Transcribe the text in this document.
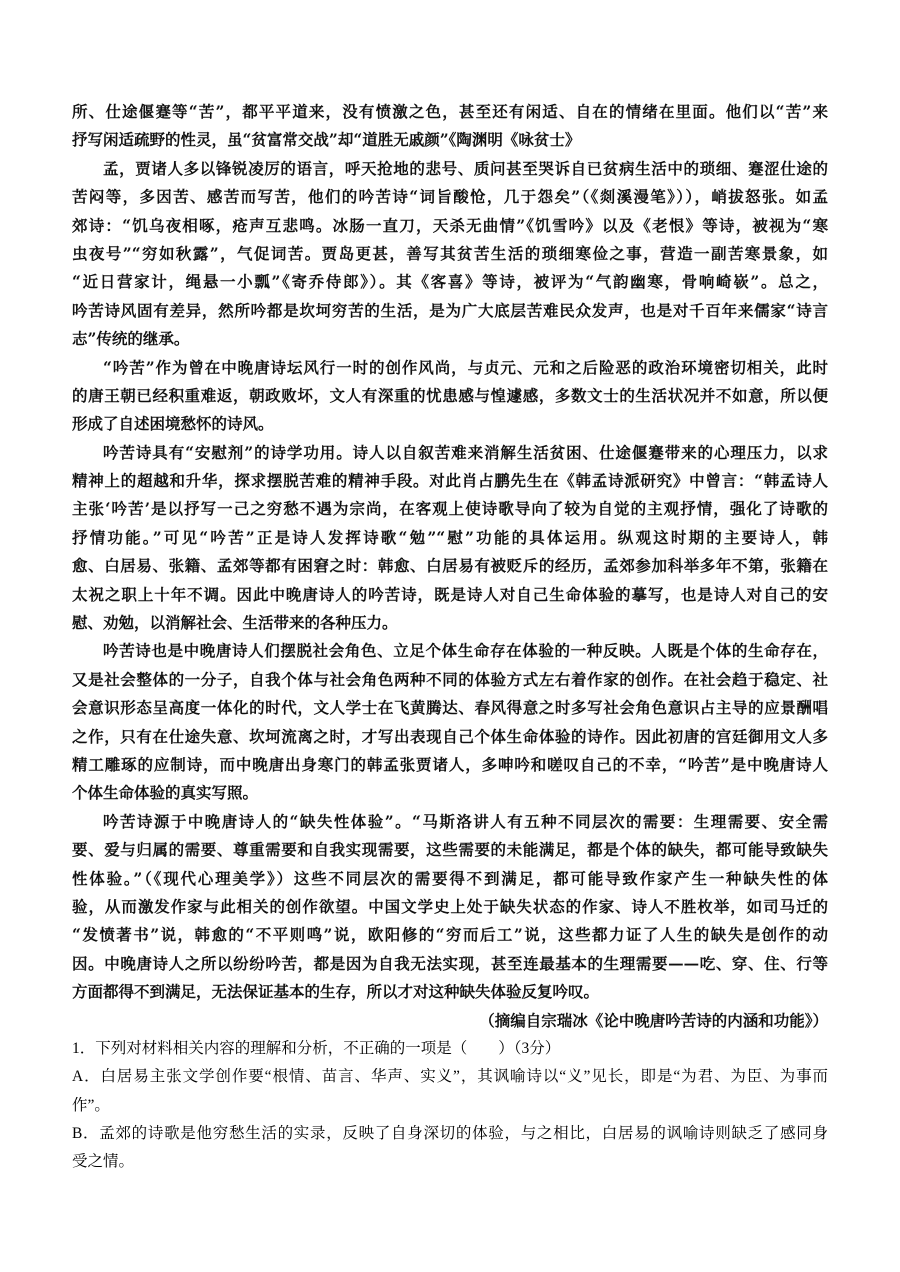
所、仕途偃蹇等“苦”，都平平道来，没有愤激之色，甚至还有闲适、自在的情绪在里面。他们以“苦”来
抒写闲适疏野的性灵，虽“贫富常交战”却“道胜无戚颜”《陶渊明《咏贫士》
孟，贾诸人多以锋锐凌厉的语言，呼天抢地的悲号、质问甚至哭诉自已贫病生活中的琐细、蹇涩仕途的
苦闷等，多因苦、感苦而写苦，他们的吟苦诗“词旨酸怆，几于怨矣”（《剡溪漫笔》）），峭拔怒张。如孟
郊诗：“饥乌夜相啄，疮声互悲鸣。冰肠一直刀，天杀无曲情”《饥雪吟》以及《老恨》等诗，被视为“寒
虫夜号”“穷如秋露”，气促词苦。贾岛更甚，善写其贫苦生活的琐细寒俭之事，营造一副苦寒景象，如
“近日营家计，绳悬一小瓢”《寄乔侍郎》）。其《客喜》等诗，被评为“气韵幽寒，骨响崎嵚”。总之，
吟苦诗风固有差异，然所吟都是坎坷穷苦的生活，是为广大底层苦难民众发声，也是对千百年来儒家“诗言
志”传统的继承。
“吟苦”作为曾在中晚唐诗坛风行一时的创作风尚，与贞元、元和之后险恶的政治环境密切相关，此时
的唐王朝已经积重难返，朝政败坏，文人有深重的忧患感与惶遽感，多数文士的生活状况并不如意，所以便
形成了自述困境愁怀的诗风。
吟苦诗具有“安慰剂”的诗学功用。诗人以自叙苦难来消解生活贫困、仕途偃蹇带来的心理压力，以求
精神上的超越和升华，探求摆脱苦难的精神手段。对此肖占鹏先生在《韩孟诗派研究》中曾言：“韩孟诗人
主张‘吟苦’是以抒写一己之穷愁不遇为宗尚，在客观上使诗歌导向了较为自觉的主观抒情，强化了诗歌的
抒情功能。”可见“吟苦”正是诗人发挥诗歌“勉”“慰”功能的具体运用。纵观这时期的主要诗人，韩
愈、白居易、张籍、孟郊等都有困窘之时：韩愈、白居易有被贬斥的经历，孟郊参加科举多年不第，张籍在
太祝之职上十年不调。因此中晚唐诗人的吟苦诗，既是诗人对自己生命体验的摹写，也是诗人对自己的安
慰、劝勉，以消解社会、生活带来的各种压力。
吟苦诗也是中晚唐诗人们摆脱社会角色、立足个体生命存在体验的一种反映。人既是个体的生命存在，
又是社会整体的一分子，自我个体与社会角色两种不同的体验方式左右着作家的创作。在社会趋于稳定、社
会意识形态呈高度一体化的时代，文人学士在飞黄腾达、春风得意之时多写社会角色意识占主导的应景酬唱
之作，只有在仕途失意、坎坷流离之时，才写出表现自己个体生命体验的诗作。因此初唐的宫廷御用文人多
精工雕琢的应制诗，而中晚唐出身寒门的韩孟张贾诸人，多呻吟和嗟叹自己的不幸，“吟苦”是中晚唐诗人
个体生命体验的真实写照。
吟苦诗源于中晚唐诗人的“缺失性体验”。“马斯洛讲人有五种不同层次的需要：生理需要、安全需
要、爱与归属的需要、尊重需要和自我实现需要，这些需要的未能满足，都是个体的缺失，都可能导致缺失
性体验。”（《现代心理美学》）这些不同层次的需要得不到满足，都可能导致作家产生一种缺失性的体
验，从而激发作家与此相关的创作欲望。中国文学史上处于缺失状态的作家、诗人不胜枚举，如司马迁的
“发愤著书”说，韩愈的“不平则鸣”说，欧阳修的“穷而后工”说，这些都力证了人生的缺失是创作的动
因。中晚唐诗人之所以纷纷吟苦，都是因为自我无法实现，甚至连最基本的生理需要——吃、穿、住、行等
方面都得不到满足，无法保证基本的生存，所以才对这种缺失体验反复吟叹。
（摘编自宗瑞冰《论中晚唐吟苦诗的内涵和功能》）
1．下列对材料相关内容的理解和分析，不正确的一项是（　　）（3分）
A．白居易主张文学创作要“根情、苗言、华声、实义”，其讽喻诗以“义”见长，即是“为君、为臣、为事而
作”。
B．孟郊的诗歌是他穷愁生活的实录，反映了自身深切的体验，与之相比，白居易的讽喻诗则缺乏了感同身
受之情。
